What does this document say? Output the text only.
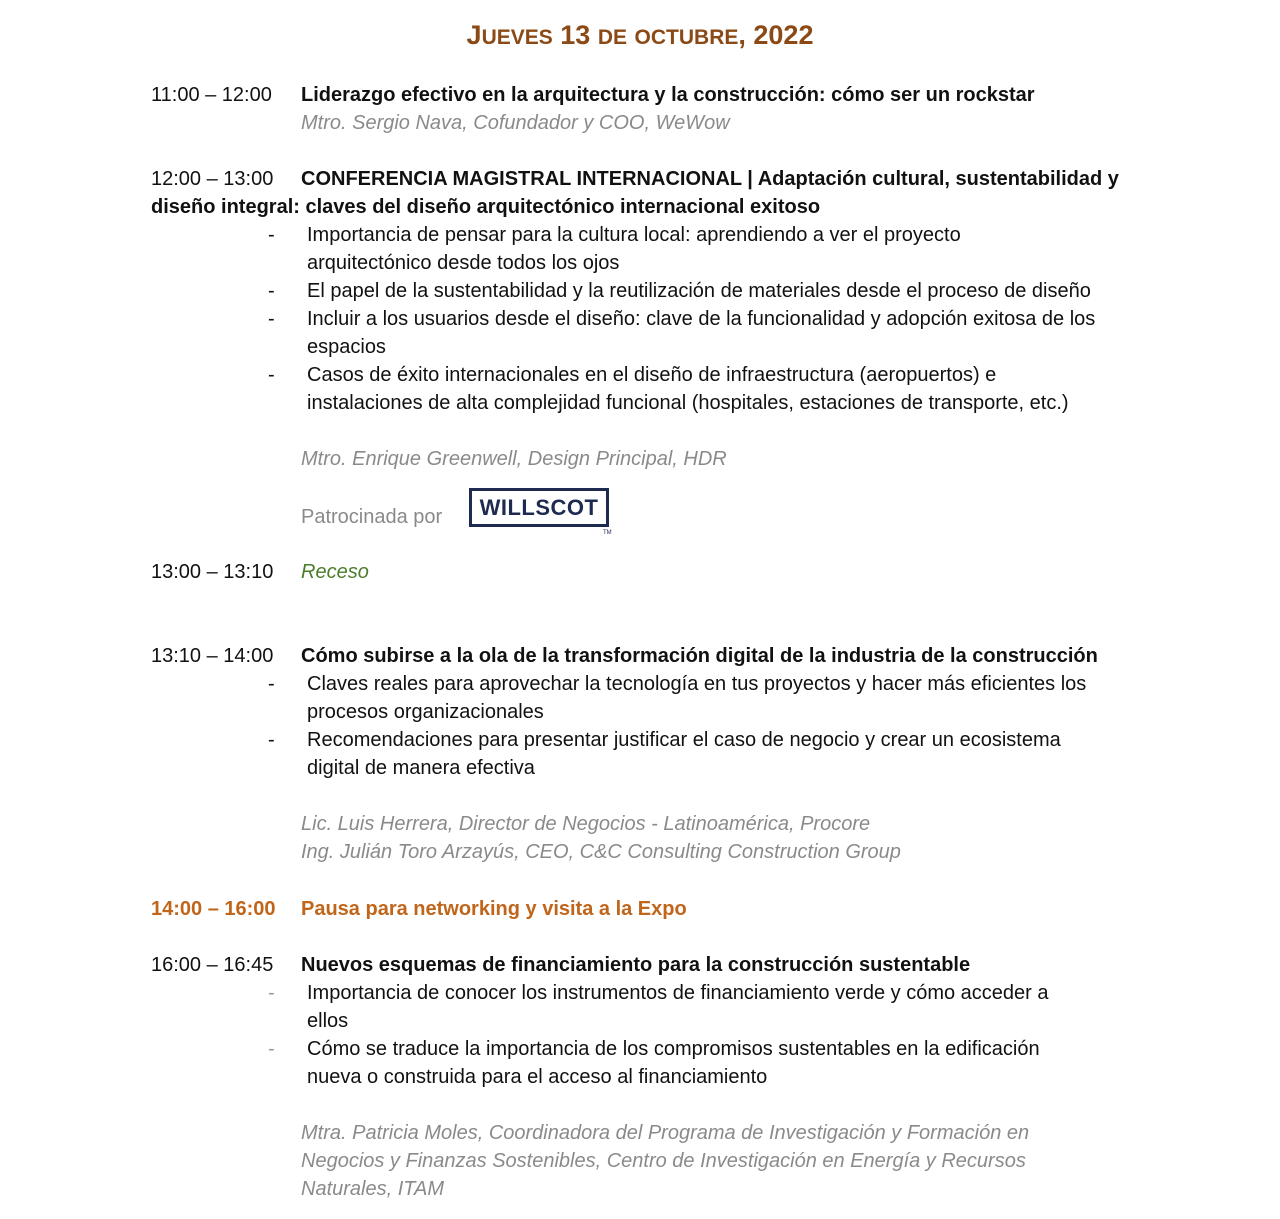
JUEVES 13 DE OCTUBRE, 2022
11:00 – 12:00 Liderazgo efectivo en la arquitectura y la construcción: cómo ser un rockstar
Mtro. Sergio Nava, Cofundador y COO, WeWow
12:00 – 13:00 CONFERENCIA MAGISTRAL INTERNACIONAL | Adaptación cultural, sustentabilidad y
diseño integral: claves del diseño arquitectónico internacional exitoso
- Importancia de pensar para la cultura local: aprendiendo a ver el proyecto
arquitectónico desde todos los ojos
- El papel de la sustentabilidad y la reutilización de materiales desde el proceso de diseño
- Incluir a los usuarios desde el diseño: clave de la funcionalidad y adopción exitosa de los
espacios
- Casos de éxito internacionales en el diseño de infraestructura (aeropuertos) e
instalaciones de alta complejidad funcional (hospitales, estaciones de transporte, etc.)
Mtro. Enrique Greenwell, Design Principal, HDR
Patrocinada por WILLSCOT
TM
13:00 – 13:10 Receso
13:10 – 14:00 Cómo subirse a la ola de la transformación digital de la industria de la construcción
- Claves reales para aprovechar la tecnología en tus proyectos y hacer más eficientes los
procesos organizacionales
- Recomendaciones para presentar justificar el caso de negocio y crear un ecosistema
digital de manera efectiva
Lic. Luis Herrera, Director de Negocios - Latinoamérica, Procore
Ing. Julián Toro Arzayús, CEO, C&C Consulting Construction Group
14:00 – 16:00 Pausa para networking y visita a la Expo
16:00 – 16:45 Nuevos esquemas de financiamiento para la construcción sustentable
- Importancia de conocer los instrumentos de financiamiento verde y cómo acceder a
ellos
- Cómo se traduce la importancia de los compromisos sustentables en la edificación
nueva o construida para el acceso al financiamiento
Mtra. Patricia Moles, Coordinadora del Programa de Investigación y Formación en
Negocios y Finanzas Sostenibles, Centro de Investigación en Energía y Recursos
Naturales, ITAM
